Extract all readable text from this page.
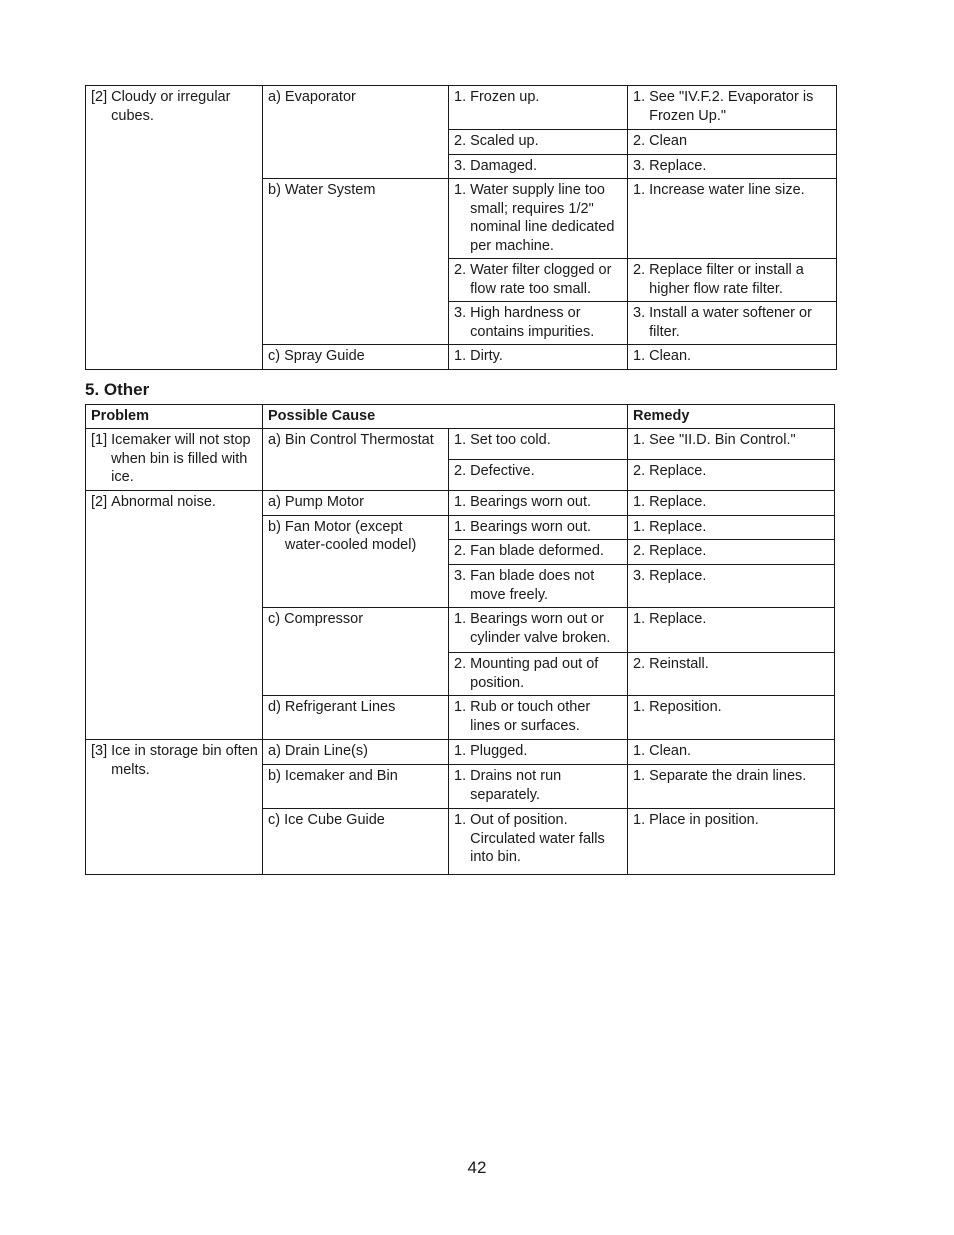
[2] Cloudy or irregular cubes.	a) Evaporator	1. Frozen up.	1. See "IV.F.2. Evaporator is Frozen Up."

		2. Scaled up.	2. Clean

		3. Damaged.	3. Replace.

	b) Water System	1. Water supply line too small; requires 1/2" nominal line dedicated per machine.	1. Increase water line size.

		2. Water filter clogged or flow rate too small.	2. Replace filter or install a higher flow rate filter.

		3. High hardness or contains impurities.	3. Install a water softener or filter.

	c) Spray Guide	1. Dirty.	1. Clean.
5. Other
Problem	Possible Cause		Remedy

[1] Icemaker will not stop when bin is filled with ice.	a) Bin Control Thermostat	1. Set too cold.	1. See "II.D. Bin Control."

		2. Defective.	2. Replace.

[2] Abnormal noise.	a) Pump Motor	1. Bearings worn out.	1. Replace.

	b) Fan Motor (except water-cooled model)	1. Bearings worn out.	1. Replace.

		2. Fan blade deformed.	2. Replace.

		3. Fan blade does not move freely.	3. Replace.

	c) Compressor	1. Bearings worn out or cylinder valve broken.	1. Replace.

		2. Mounting pad out of position.	2. Reinstall.

	d) Refrigerant Lines	1. Rub or touch other lines or surfaces.	1. Reposition.

[3] Ice in storage bin often melts.	a) Drain Line(s)	1. Plugged.	1. Clean.

	b) Icemaker and Bin	1. Drains not run separately.	1. Separate the drain lines.

	c) Ice Cube Guide	1. Out of position. Circulated water falls into bin.	1. Place in position.
42
